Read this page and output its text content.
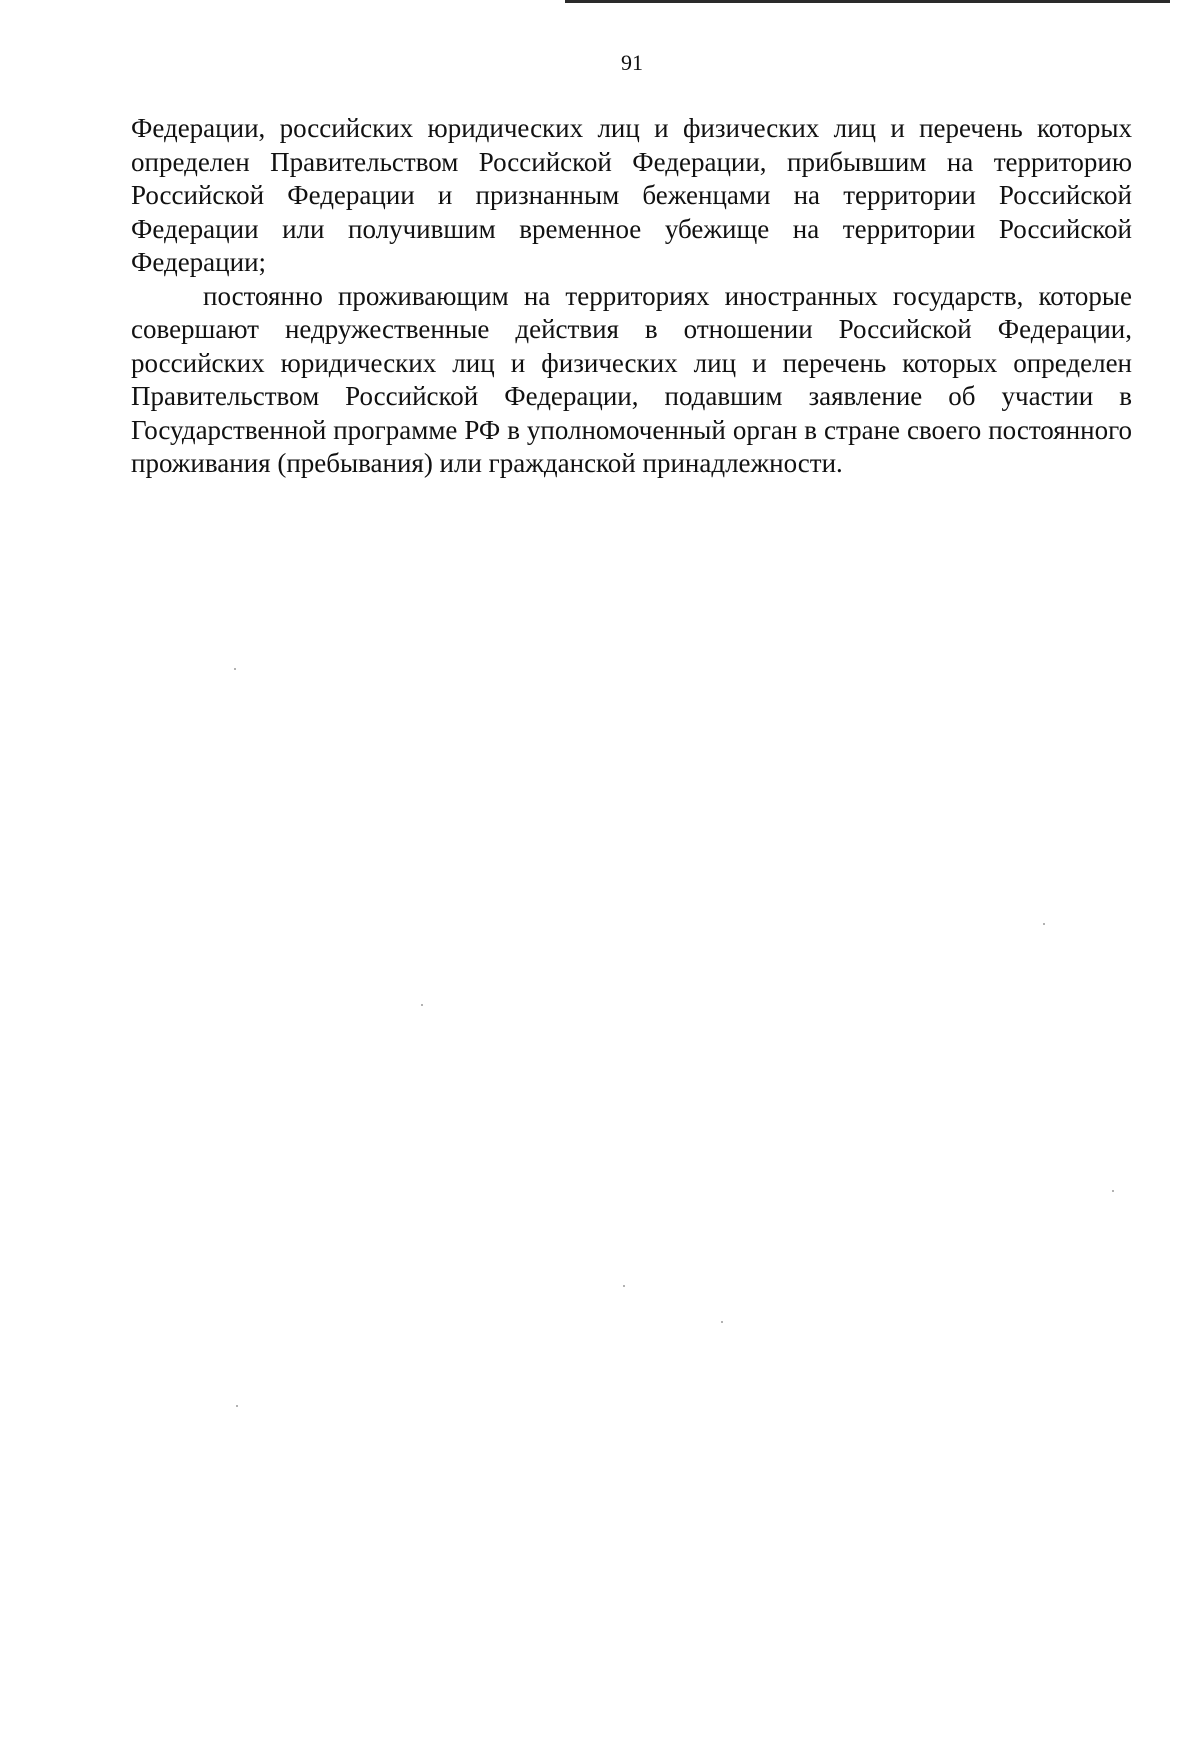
91

Федерации, российских юридических лиц и физических лиц и перечень которых определен Правительством Российской Федерации, прибывшим на территорию Российской Федерации и признанным беженцами на территории Российской Федерации или получившим временное убежище на территории Российской Федерации;

постоянно проживающим на территориях иностранных государств, которые совершают недружественные действия в отношении Российской Федерации, российских юридических лиц и физических лиц и перечень которых определен Правительством Российской Федерации, подавшим заявление об участии в Государственной программе РФ в уполномоченный орган в стране своего постоянного проживания (пребывания) или гражданской принадлежности.
